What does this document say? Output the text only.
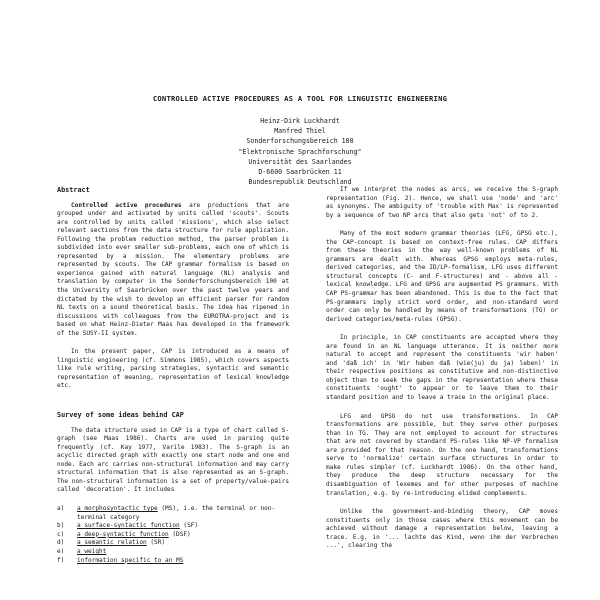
CONTROLLED ACTIVE PROCEDURES AS A TOOL FOR LINGUISTIC ENGINEERING
Heinz-Dirk Luckhardt
Manfred Thiel
Sonderforschungsbereich 100
"Elektronische Sprachforschung"
Universität des Saarlandes
D-6600 Saarbrücken 11
Bundesrepublik Deutschland
Abstract
Controlled active procedures are productions that are grouped under and activated by units called 'scouts'. Scouts are controlled by units called 'missions', which also select relevant sections from the data structure for rule application. Following the problem reduction method, the parser problem is subdivided into ever smaller sub-problems, each one of which is represented by a mission. The elementary problems are represented by scouts. The CAP grammar formalism is based on experience gained with natural language (NL) analysis and translation by computer in the Sonderforschungsbereich 100 at the University of Saarbrücken over the past twelve years and dictated by the wish to develop an efficient parser for random NL texts on a sound theoretical basis. The idea has ripened in discussions with colleagues from the EUROTRA-project and is based on what Heinz-Dieter Maas has developed in the framework of the SUSY-II system.
In the present paper, CAP is introduced as a means of linguistic engineering (cf. Simmons 1985), which covers aspects like rule writing, parsing strategies, syntactic and semantic representation of meaning, representation of lexical knowledge etc.
Survey of some ideas behind CAP
The data structure used in CAP is a type of chart called S-graph (see Maas 1986). Charts are used in parsing quite frequently (cf. Kay 1977, Varile 1983). The S-graph is an acyclic directed graph with exactly one start node and one end node. Each arc carries non-structural information and may carry structural information that is also represented as an S-graph. The non-structural information is a set of property/value-pairs called 'decoration'. It includes
a)	a morphosyntactic type (MS), i.e. the terminal or non-terminal category
b)	a surface-syntactic function (SF)
c)	a deep-syntactic function (DSF)
d)	a semantic relation (SR)
e)	a weight
f)	information specific to an MS
If we interpret the nodes as arcs, we receive the S-graph representation (Fig. 2). Hence, we shall use 'node' and 'arc' as synonyms. The ambiguity of 'trouble with Max' is represented by a sequence of two NP arcs that also gets 'not' of to 2.
Many of the most modern grammar theories (LFG, GPSG etc.), the CAP-concept is based on context-free rules. CAP differs from these theories in the way well-known problems of NL grammars are dealt with. Whereas GPSG employs meta-rules, derived categories, and the ID/LP-formalism, LFG uses different structural concepts (C- and F-structures) and - above all - lexical knowledge. LFG and GPSG are augmented PS grammars. With CAP PS-grammar has been abandoned. This is due to the fact that PS-grammars imply strict word order, and non-standard word order can only be handled by means of transformations (TG) or derived categories/meta-rules (GPSG).
In principle, in CAP constituents are accepted where they are found in an NL language utterance. It is neither more natural to accept and represent the constituents 'wir haben' and 'daß ich' in 'Wir haben daß (wie(ju) du ja) leben)' in their respective positions as constitutive and non-distinctive object than to seek the gaps in the representation where these constituents 'ought' to appear or to leave them to their standard position and to leave a trace in the original place.
LFG and GPSG do not use transformations. In CAP transformations are possible, but they serve other purposes than in TG. They are not employed to account for structures that are not covered by standard PS-rules like NP-VP formalism are provided for that reason. On the one hand, transformations serve to 'normalize' certain surface structures in order to make rules simpler (cf. Luckhardt 1986). On the other hand, they produce the deep structure necessary for the disambiguation of lexemes and for other purposes of machine translation, e.g. by re-introducing elided complements.
Unlike the government-and-binding theory, CAP moves constituents only in those cases where this movement can be achieved without damage a representation below, leaving a trace. E.g. in '... lachte das Kind, wenn ihm der Verbrechen ...', clearing the
